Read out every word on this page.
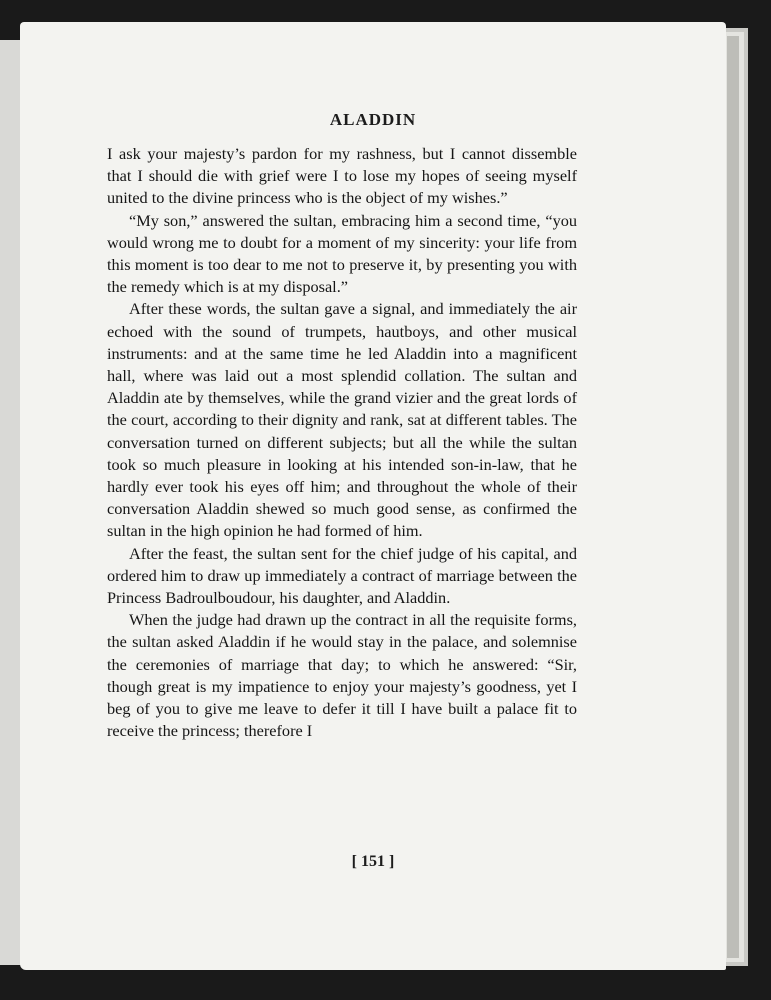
ALADDIN

I ask your majesty’s pardon for my rashness, but I cannot dissemble that I should die with grief were I to lose my hopes of seeing myself united to the divine princess who is the object of my wishes.”

“My son,” answered the sultan, embracing him a second time, “you would wrong me to doubt for a moment of my sincerity: your life from this moment is too dear to me not to preserve it, by presenting you with the remedy which is at my disposal.”

After these words, the sultan gave a signal, and immediately the air echoed with the sound of trumpets, hautboys, and other musical instruments: and at the same time he led Aladdin into a magnificent hall, where was laid out a most splendid collation. The sultan and Aladdin ate by themselves, while the grand vizier and the great lords of the court, according to their dignity and rank, sat at different tables. The conversation turned on different subjects; but all the while the sultan took so much pleasure in looking at his intended son-in-law, that he hardly ever took his eyes off him; and throughout the whole of their conversation Aladdin shewed so much good sense, as confirmed the sultan in the high opinion he had formed of him.

After the feast, the sultan sent for the chief judge of his capital, and ordered him to draw up immediately a contract of marriage between the Princess Badroulboudour, his daughter, and Aladdin.

When the judge had drawn up the contract in all the requisite forms, the sultan asked Aladdin if he would stay in the palace, and solemnise the ceremonies of marriage that day; to which he answered: “Sir, though great is my impatience to enjoy your majesty’s goodness, yet I beg of you to give me leave to defer it till I have built a palace fit to receive the princess; therefore I

[ 151 ]
